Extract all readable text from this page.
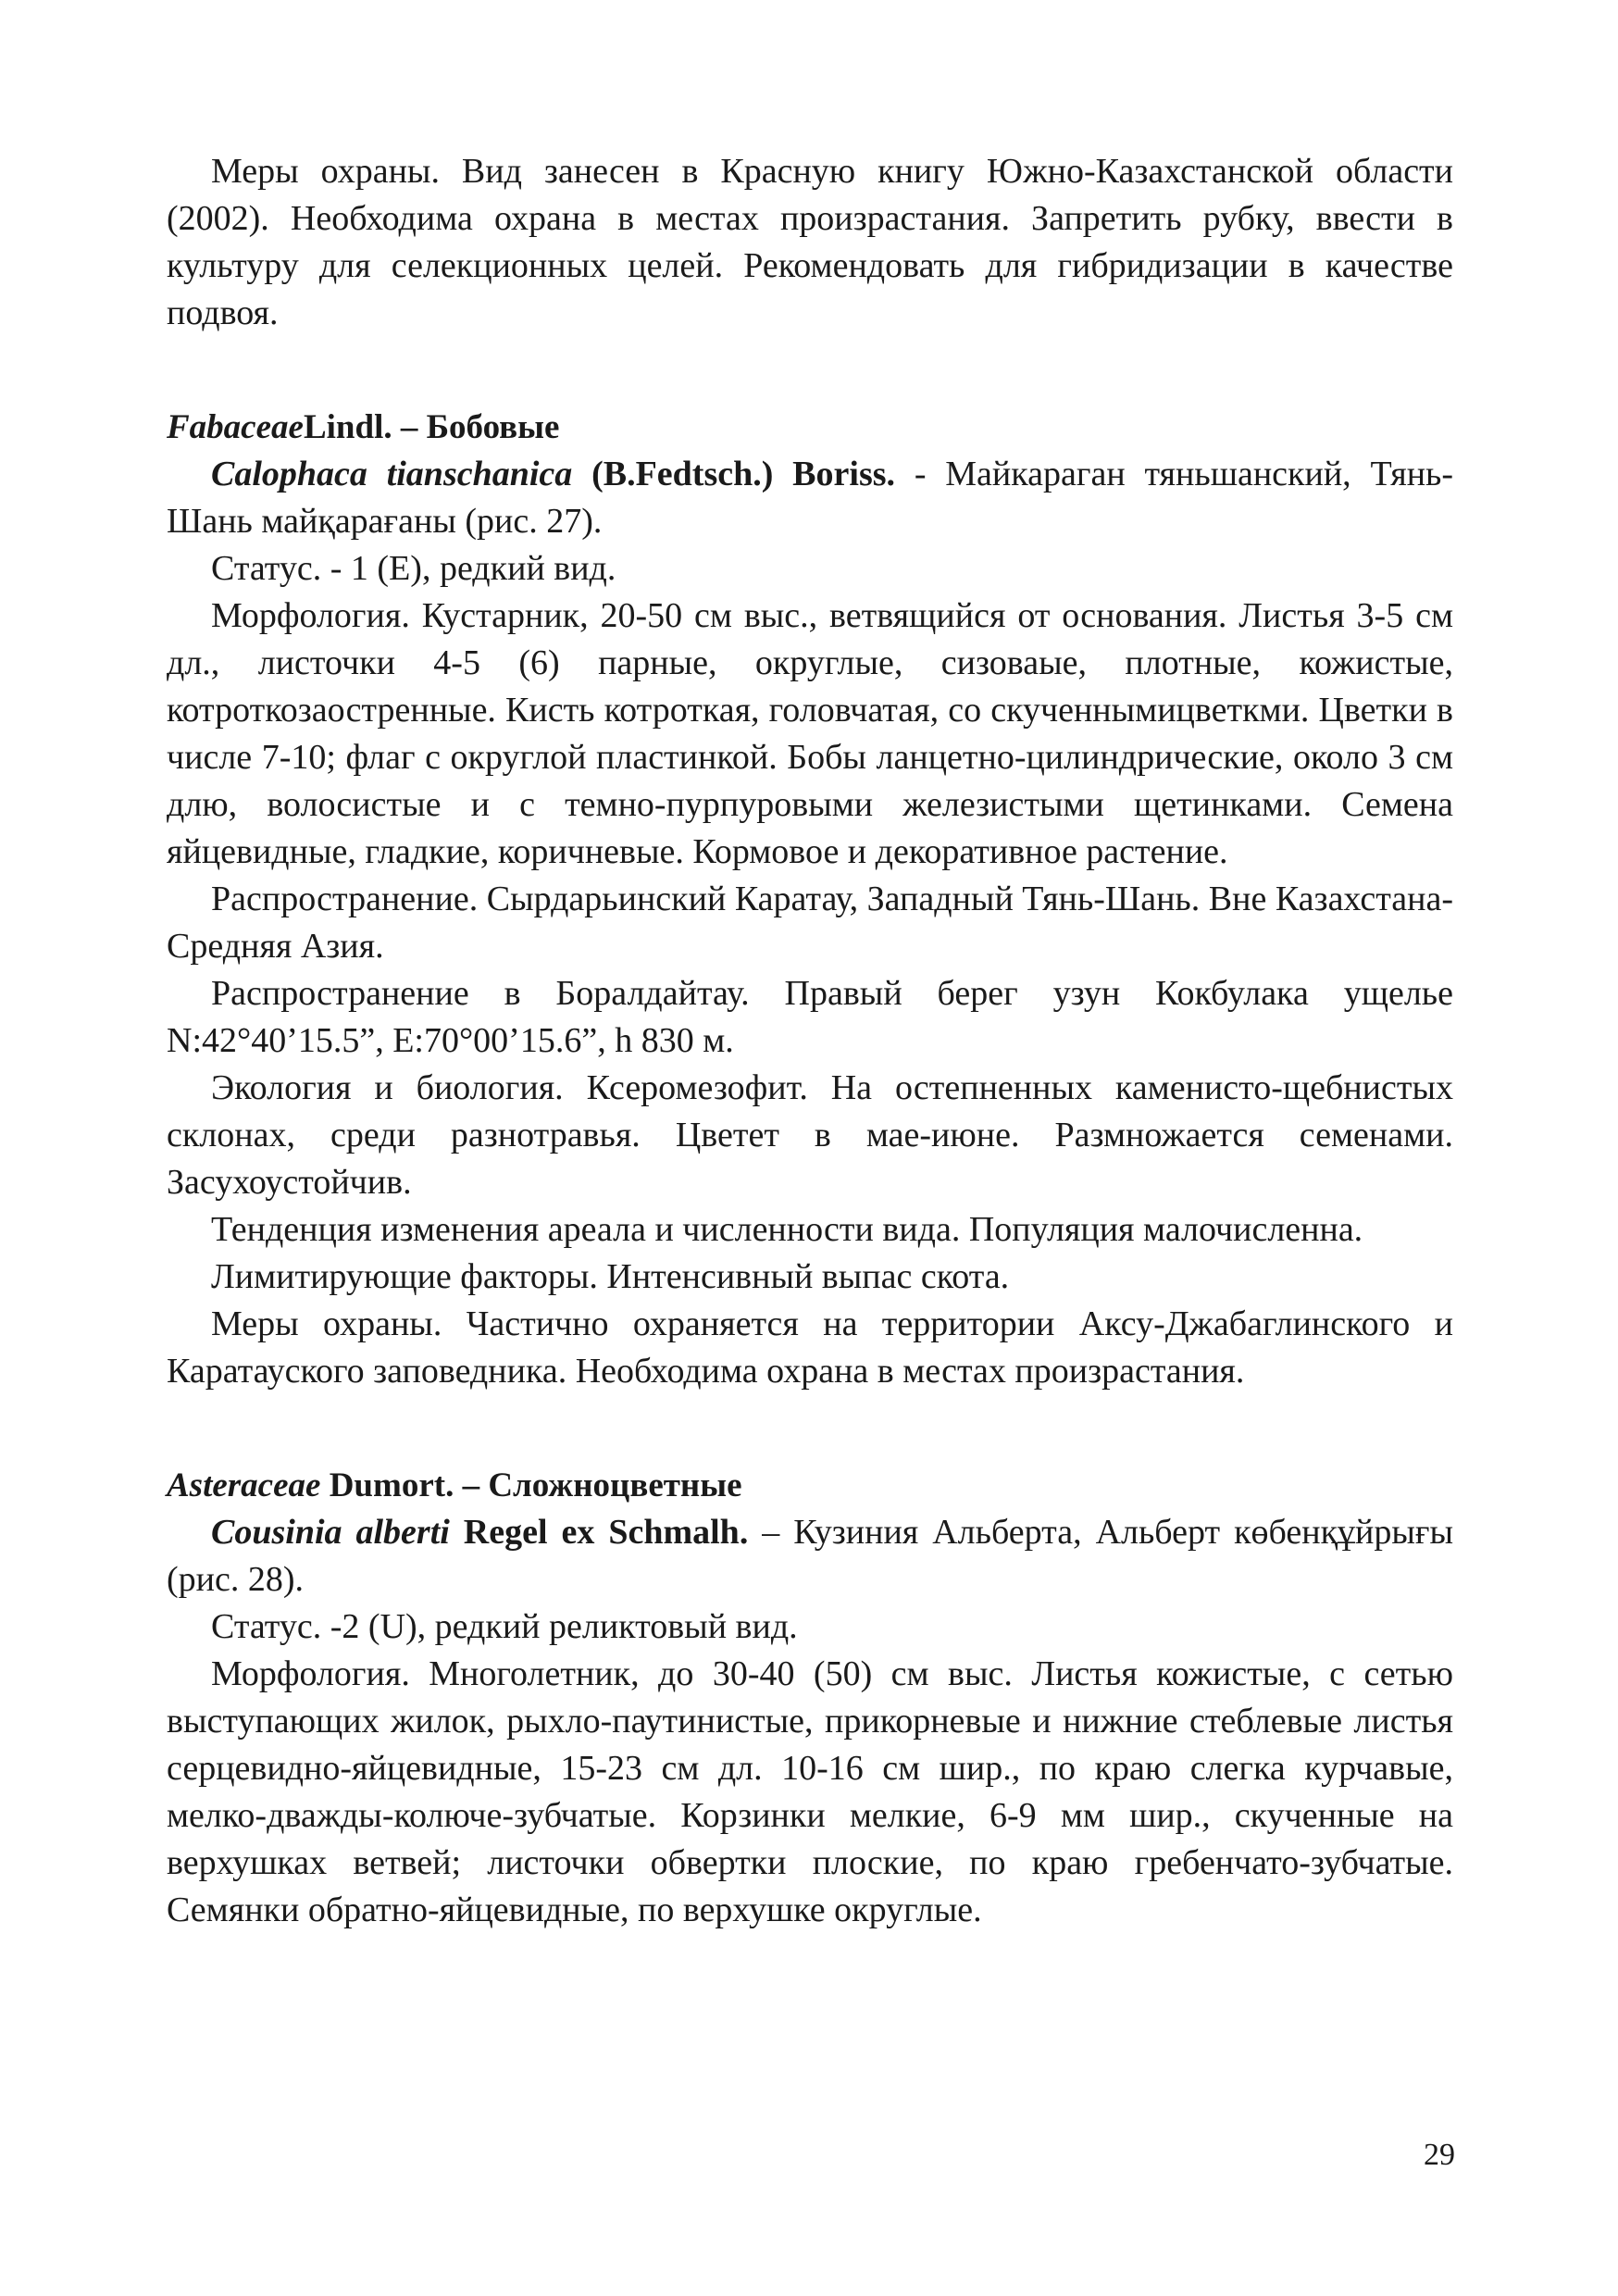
Меры охраны. Вид занесен в Красную книгу Южно-Казахстанской области (2002). Необходима охрана в местах произрастания. Запретить рубку, ввести в культуру для селекционных целей. Рекомендовать для гибридизации в качестве подвоя.

FabaceaeLindl. – Бобовые

Calophaca tianschanica (B.Fedtsch.) Boriss. - Майкараган тяньшанский, Тянь-Шань майқарағаны (рис. 27).

Статус. - 1 (E), редкий вид.

Морфология. Кустарник, 20-50 см выс., ветвящийся от основания. Листья 3-5 см дл., листочки 4-5 (6) парные, округлые, сизоваые, плотные, кожистые, котроткозаостренные. Кисть котроткая, головчатая, со скученнымицветкми. Цветки в числе 7-10; флаг с округлой пластинкой. Бобы ланцетно-цилиндрические, около 3 см длю, волосистые и с темно-пурпуровыми железистыми щетинками. Семена яйцевидные, гладкие, коричневые. Кормовое и декоративное растение.

Распространение. Сырдарьинский Каратау, Западный Тянь-Шань. Вне Казахстана- Средняя Азия.

Распространение в Боралдайтау. Правый берег узун Кокбулака ущелье N:42°40’15.5”, E:70°00’15.6”, h 830 м.

Экология и биология. Ксеромезофит. На остепненных каменисто-щебнистых склонах, среди разнотравья. Цветет в мае-июне. Размножается семенами. Засухоустойчив.

Тенденция изменения ареала и численности вида. Популяция малочисленна.

Лимитирующие факторы. Интенсивный выпас скота.

Меры охраны. Частично охраняется на территории Аксу-Джабаглинского и Каратауского заповедника. Необходима охрана в местах произрастания.

Asteraceae Dumort. – Сложноцветные

Cousinia alberti Regel ex Schmalh. – Кузиния Альберта, Альберт көбенқұйрығы (рис. 28).

Статус. -2 (U), редкий реликтовый вид.

Морфология. Многолетник, до 30-40 (50) см выс. Листья кожистые, с сетью выступающих жилок, рыхло-паутинистые, прикорневые и нижние стеблевые листья серцевидно-яйцевидные, 15-23 см дл. 10-16 см шир., по краю слегка курчавые, мелко-дважды-колюче-зубчатые. Корзинки мелкие, 6-9 мм шир., скученные на верхушках ветвей; листочки обвертки плоские, по краю гребенчато-зубчатые. Семянки обратно-яйцевидные, по верхушке округлые.

29
